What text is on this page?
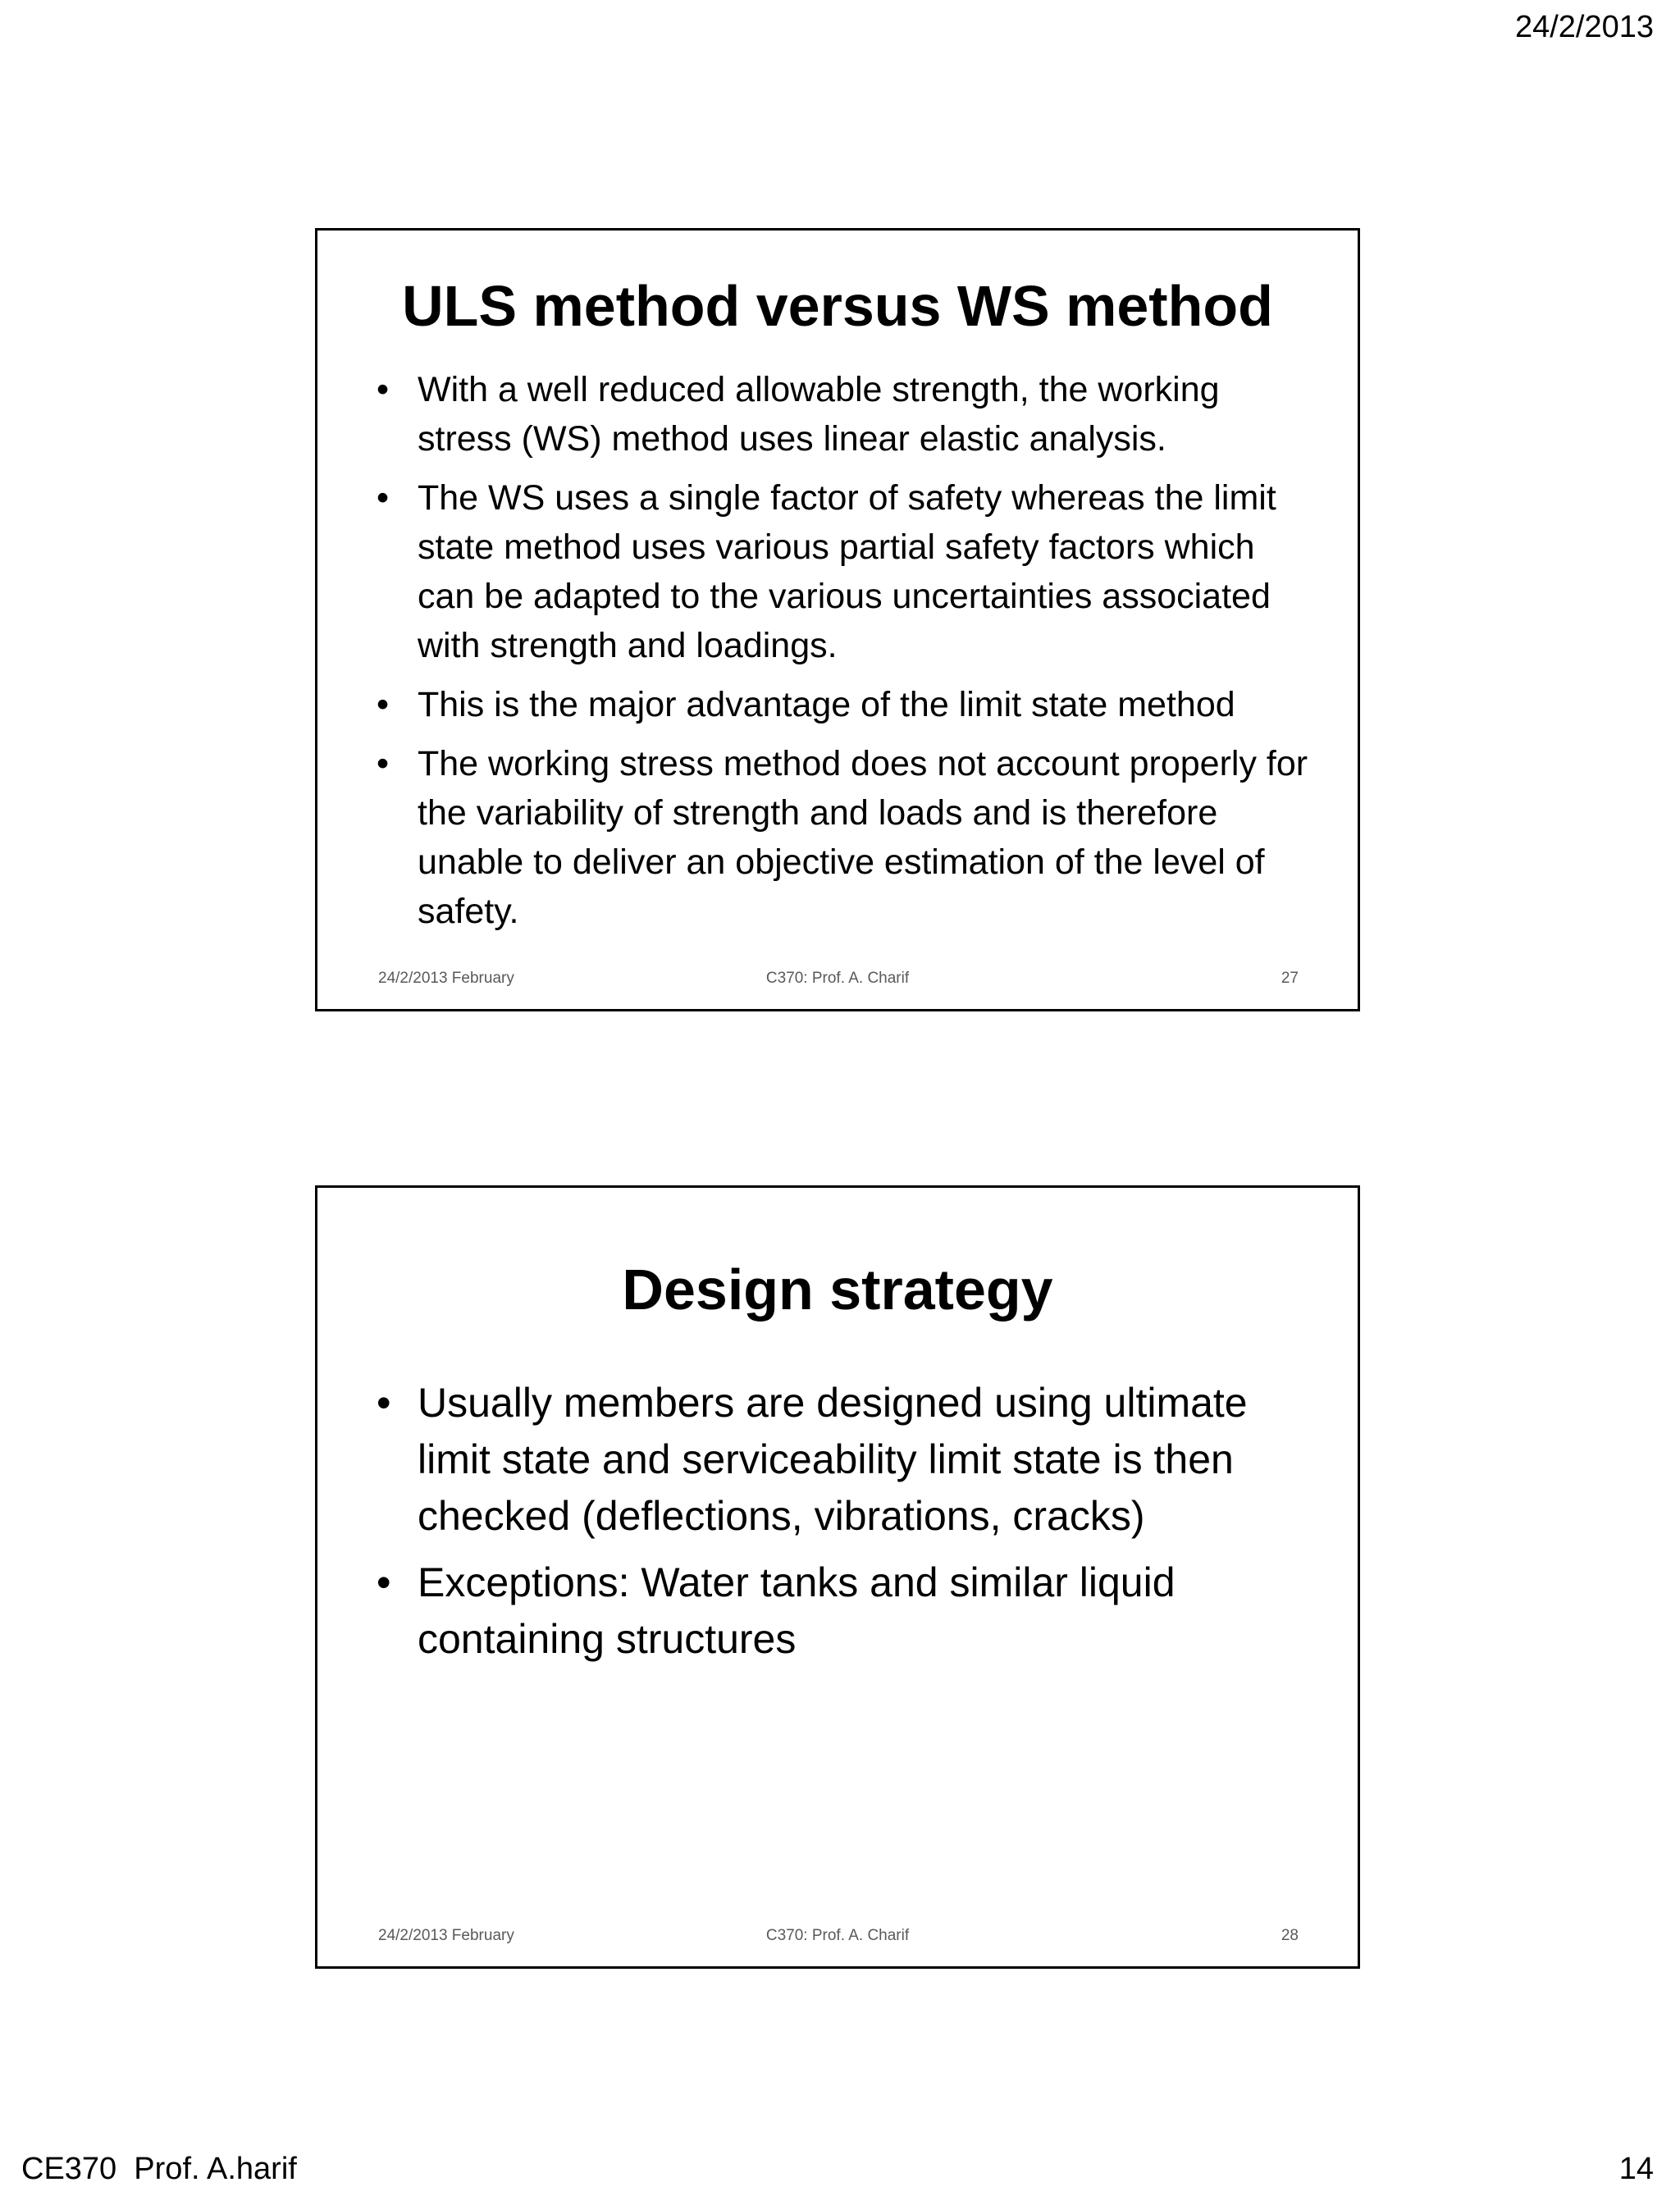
24/2/2013
ULS method versus WS method
• With a well reduced allowable strength, the working stress (WS) method uses linear elastic analysis.
• The WS uses a single factor of safety whereas the limit state method uses various partial safety factors which can be adapted to the various uncertainties associated with strength and loadings.
• This is the major advantage of the limit state method
• The working stress method does not account properly for the variability of strength and loads and is therefore unable to deliver an objective estimation of the level of safety.
24/2/2013 February	C370: Prof. A. Charif	27
Design strategy
• Usually members are designed using ultimate limit state and serviceability limit state is then checked (deflections, vibrations, cracks)
• Exceptions: Water tanks and similar liquid containing structures
24/2/2013 February	C370: Prof. A. Charif	28
CE370  Prof. A.harif	14
